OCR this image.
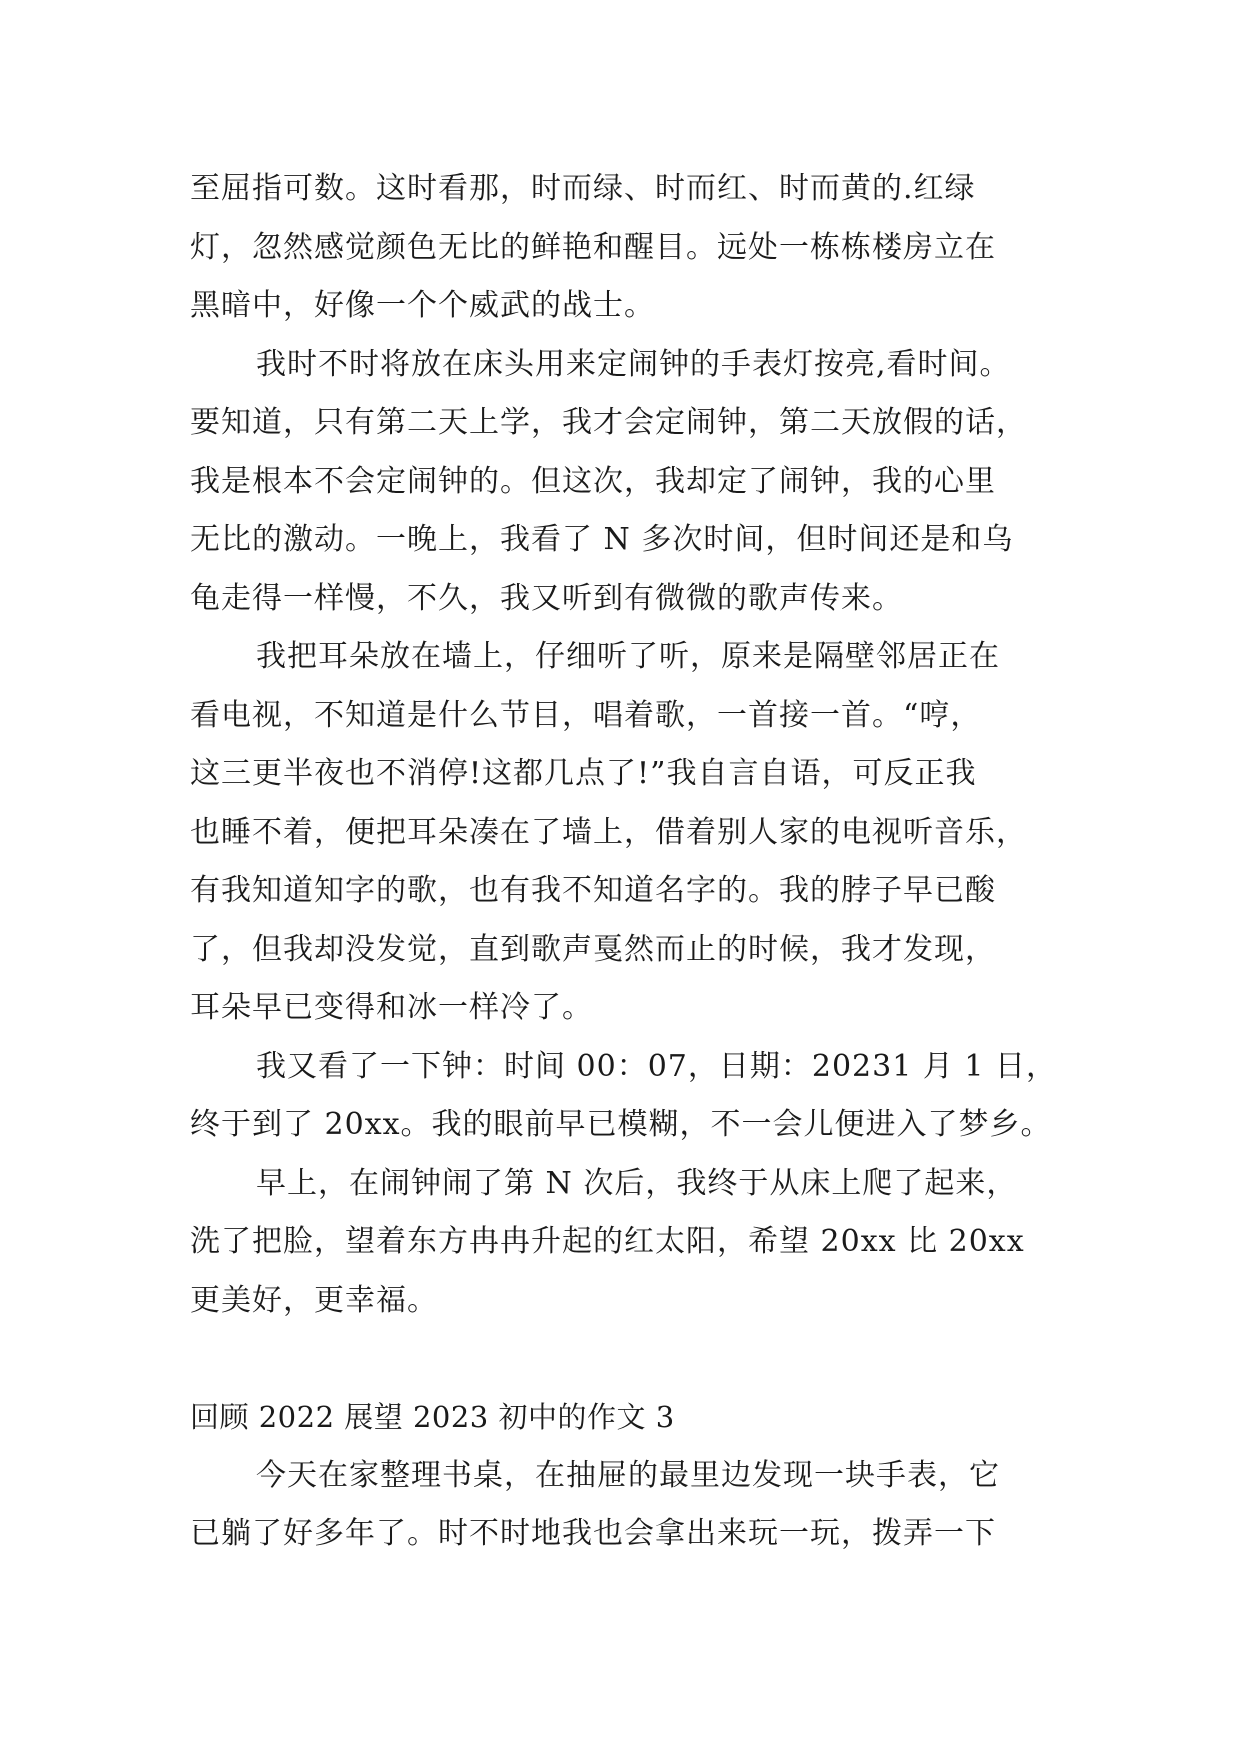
至屈指可数。这时看那，时而绿、时而红、时而黄的.红绿
灯，忽然感觉颜色无比的鲜艳和醒目。远处一栋栋楼房立在
黑暗中，好像一个个威武的战士。
我时不时将放在床头用来定闹钟的手表灯按亮,看时间。
要知道，只有第二天上学，我才会定闹钟，第二天放假的话，
我是根本不会定闹钟的。但这次，我却定了闹钟，我的心里
无比的激动。一晚上，我看了 N 多次时间，但时间还是和乌
龟走得一样慢，不久，我又听到有微微的歌声传来。
我把耳朵放在墙上，仔细听了听，原来是隔壁邻居正在
看电视，不知道是什么节目，唱着歌，一首接一首。“哼，
这三更半夜也不消停!这都几点了!”我自言自语，可反正我
也睡不着，便把耳朵凑在了墙上，借着别人家的电视听音乐，
有我知道知字的歌，也有我不知道名字的。我的脖子早已酸
了，但我却没发觉，直到歌声戛然而止的时候，我才发现，
耳朵早已变得和冰一样冷了。
我又看了一下钟：时间 00：07，日期：20231 月 1 日，
终于到了 20xx。我的眼前早已模糊，不一会儿便进入了梦乡。
早上，在闹钟闹了第 N 次后，我终于从床上爬了起来，
洗了把脸，望着东方冉冉升起的红太阳，希望 20xx 比 20xx
更美好，更幸福。
回顾 2022 展望 2023 初中的作文 3
今天在家整理书桌，在抽屉的最里边发现一块手表，它
已躺了好多年了。时不时地我也会拿出来玩一玩，拨弄一下
